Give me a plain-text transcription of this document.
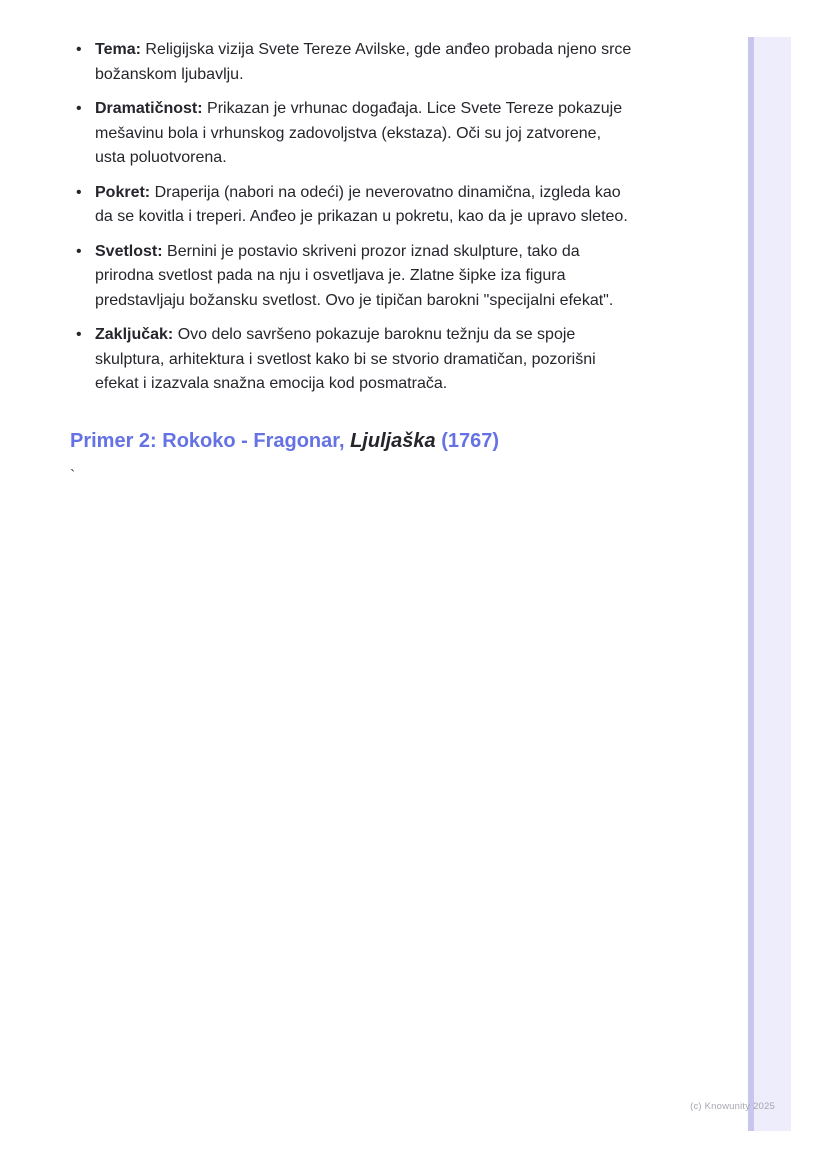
• Tema: Religijska vizija Svete Tereze Avilske, gde anđeo probada njeno srce božanskom ljubavlju.
• Dramatičnost: Prikazan je vrhunac događaja. Lice Svete Tereze pokazuje mešavinu bola i vrhunskog zadovoljstva (ekstaza). Oči su joj zatvorene, usta poluotvorena.
• Pokret: Draperija (nabori na odeći) je neverovatno dinamična, izgleda kao da se kovitla i treperi. Anđeo je prikazan u pokretu, kao da je upravo sleteo.
• Svetlost: Bernini je postavio skriveni prozor iznad skulpture, tako da prirodna svetlost pada na nju i osvetljava je. Zlatne šipke iza figura predstavljaju božansku svetlost. Ovo je tipičan barokni "specijalni efekat".
• Zaključak: Ovo delo savršeno pokazuje baroknu težnju da se spoje skulptura, arhitektura i svetlost kako bi se stvorio dramatičan, pozorišni efekat i izazvala snažna emocija kod posmatrača.
Primer 2: Rokoko - Fragonar, Ljuljaška (1767)
`
(c) Knowunity 2025
